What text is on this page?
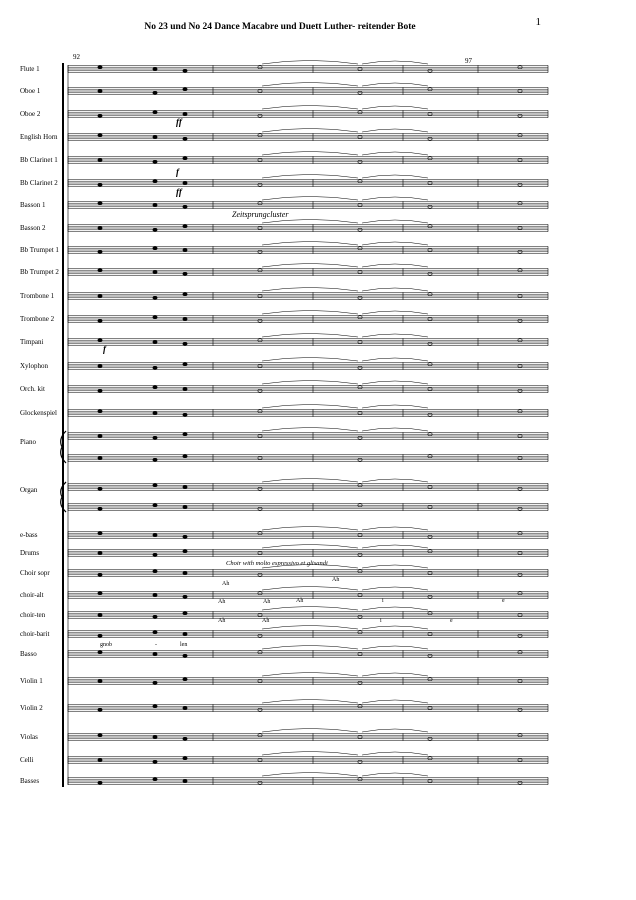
1
No 23 und No 24 Dance Macabre und Duett Luther- reitender Bote
92	97
Flute 1
Oboe 1
Oboe 2
English Horn
Bb Clarinet 1
Bb Clarinet 2
Basson 1
Basson 2
Bb Trumpet 1
Bb Trumpet 2
Trombone 1
Trombone 2
Timpani
Xylophon
Orch. kit
Glockenspiel
Piano
Organ
e-bass
Drums
Choir sopr
choir-alt
choir-ten
choir-barit
Basso
Violin 1
Violin 2
Violas
Celli
Basses
Zeitsprungcluster
Choir with molto espressivo et glisandi
Ah
Ah
Ah	Ah	Ah	i	e
Ah	Ah	i	e
gnob	-	len
f
ff
ff
f
